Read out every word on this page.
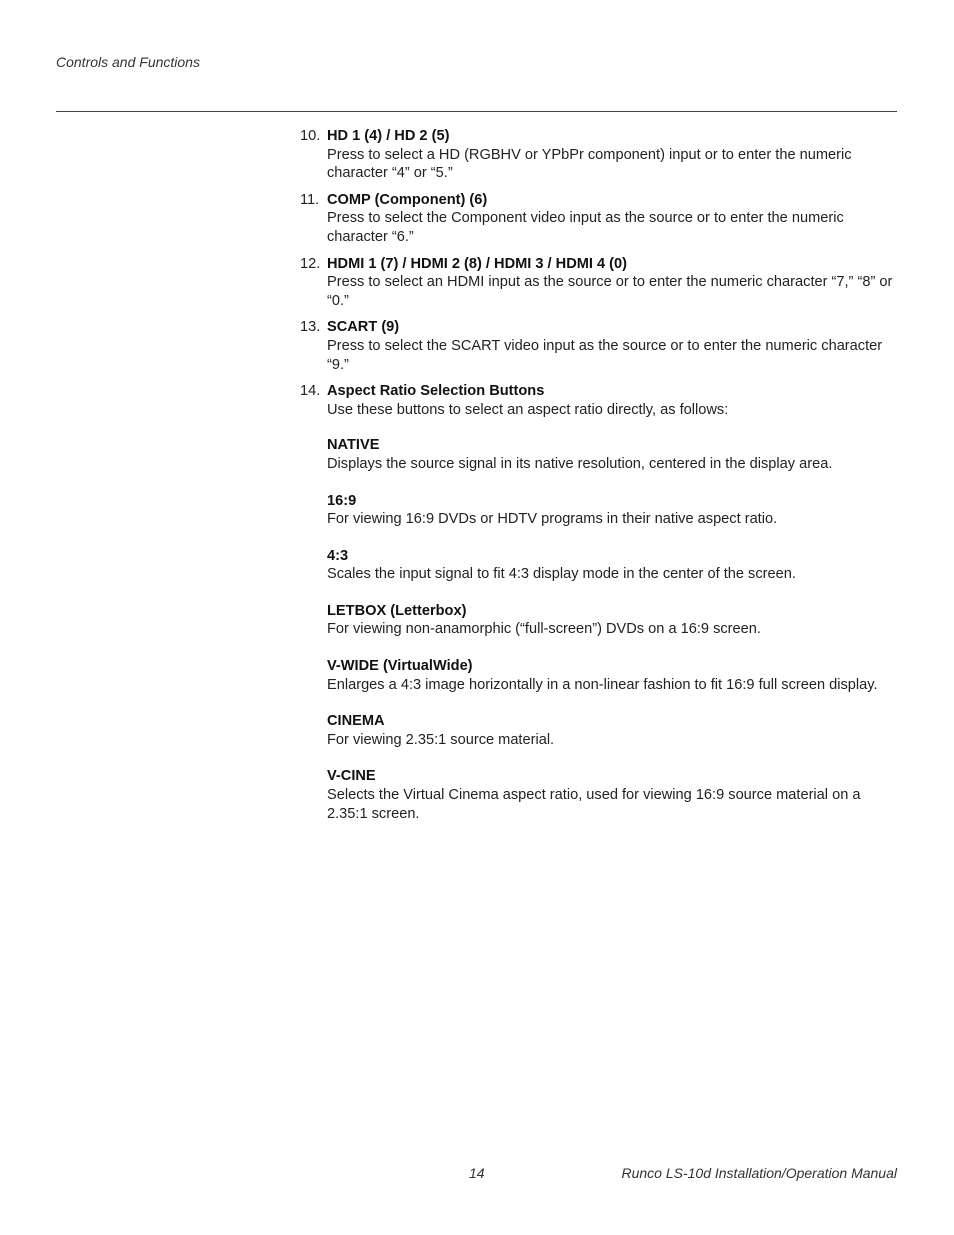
Controls and Functions
10. HD 1 (4) / HD 2 (5)
Press to select a HD (RGBHV or YPbPr component) input or to enter the numeric character “4” or “5.”
11. COMP (Component) (6)
Press to select the Component video input as the source or to enter the numeric character “6.”
12. HDMI 1 (7) / HDMI 2 (8) / HDMI 3 / HDMI 4 (0)
Press to select an HDMI input as the source or to enter the numeric character “7,” “8” or “0.”
13. SCART (9)
Press to select the SCART video input as the source or to enter the numeric character “9.”
14. Aspect Ratio Selection Buttons
Use these buttons to select an aspect ratio directly, as follows:
NATIVE
Displays the source signal in its native resolution, centered in the display area.
16:9
For viewing 16:9 DVDs or HDTV programs in their native aspect ratio.
4:3
Scales the input signal to fit 4:3 display mode in the center of the screen.
LETBOX (Letterbox)
For viewing non-anamorphic (“full-screen”) DVDs on a 16:9 screen.
V-WIDE (VirtualWide)
Enlarges a 4:3 image horizontally in a non-linear fashion to fit 16:9 full screen display.
CINEMA
For viewing 2.35:1 source material.
V-CINE
Selects the Virtual Cinema aspect ratio, used for viewing 16:9 source material on a 2.35:1 screen.
14	Runco LS-10d Installation/Operation Manual
